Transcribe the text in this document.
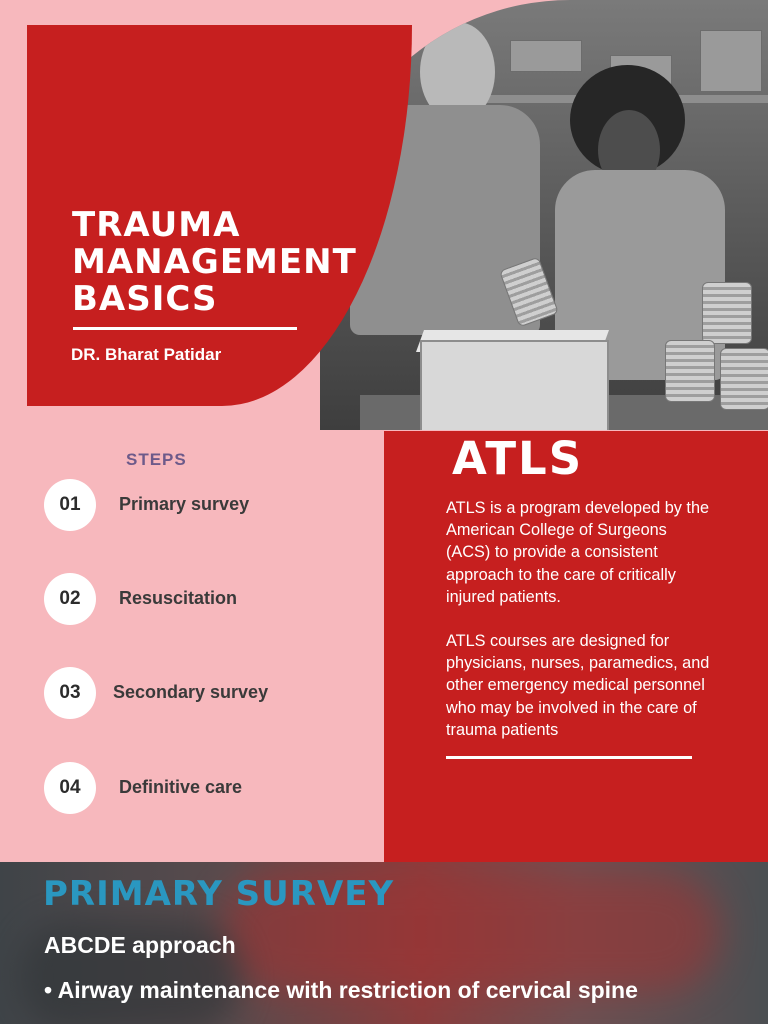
TRAUMA
MANAGEMENT
BASICS
DR. Bharat Patidar
STEPS
01	Primary survey
02	Resuscitation
03	Secondary survey
04	Definitive care
ATLS

ATLS is a program developed by the American College of Surgeons (ACS) to provide a consistent approach to the care of critically injured patients.

ATLS courses are designed for physicians, nurses, paramedics, and other emergency medical personnel who may be involved in the care of trauma patients

PRIMARY SURVEY
ABCDE approach
• Airway maintenance with restriction of cervical spine
